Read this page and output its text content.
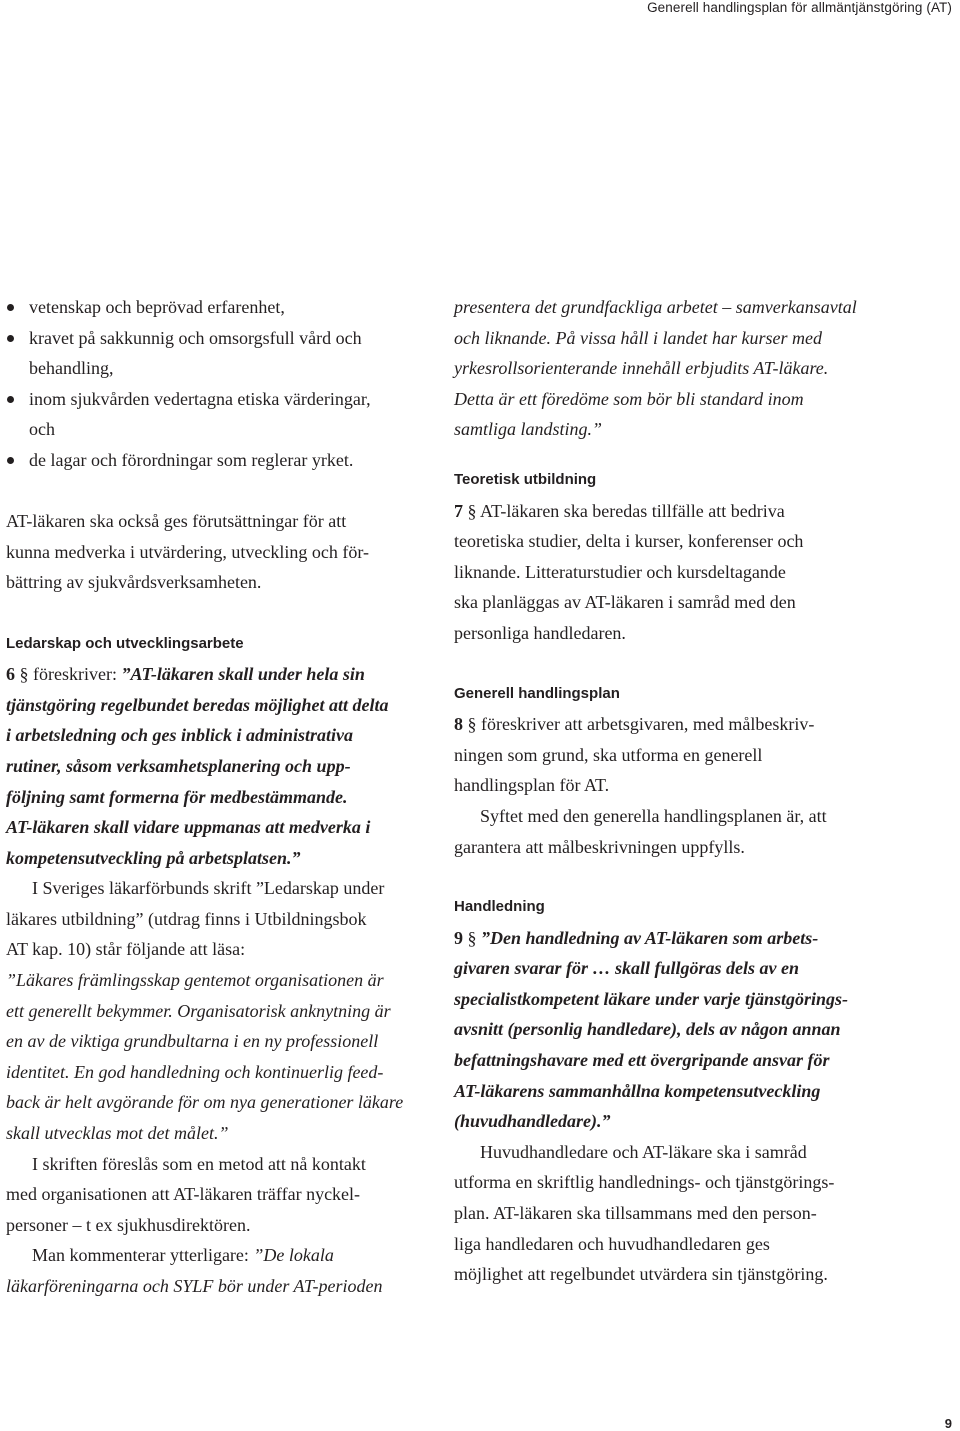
Generell handlingsplan för allmäntjänstgöring (AT)
vetenskap och beprövad erfarenhet,
kravet på sakkunnig och omsorgsfull vård och
behandling,
inom sjukvården vedertagna etiska värderingar,
och
de lagar och förordningar som reglerar yrket.

AT-läkaren ska också ges förutsättningar för att
kunna medverka i utvärdering, utveckling och för-
bättring av sjukvårdsverksamheten.

Ledarskap och utvecklingsarbete

6 § föreskriver: ”AT-läkaren skall under hela sin
tjänstgöring regelbundet beredas möjlighet att delta
i arbetsledning och ges inblick i administrativa
rutiner, såsom verksamhetsplanering och upp-
följning samt formerna för medbestämmande.
AT-läkaren skall vidare uppmanas att medverka i
kompetensutveckling på arbetsplatsen.”

I Sveriges läkarförbunds skrift ”Ledarskap under
läkares utbildning” (utdrag finns i Utbildningsbok
AT kap. 10) står följande att läsa:

”Läkares främlingsskap gentemot organisationen är
ett generellt bekymmer. Organisatorisk anknytning är
en av de viktiga grundbultarna i en ny professionell
identitet. En god handledning och kontinuerlig feed-
back är helt avgörande för om nya generationer läkare
skall utvecklas mot det målet.”

I skriften föreslås som en metod att nå kontakt
med organisationen att AT-läkaren träffar nyckel-
personer – t ex sjukhusdirektören.

Man kommenterar ytterligare: ”De lokala
läkarföreningarna och SYLF bör under AT-perioden

presentera det grundfackliga arbetet – samverkansavtal
och liknande. På vissa håll i landet har kurser med
yrkesrollsorienterande innehåll erbjudits AT-läkare.
Detta är ett föredöme som bör bli standard inom
samtliga landsting.”

Teoretisk utbildning

7 § AT-läkaren ska beredas tillfälle att bedriva
teoretiska studier, delta i kurser, konferenser och
liknande. Litteraturstudier och kursdeltagande
ska planläggas av AT-läkaren i samråd med den
personliga handledaren.

Generell handlingsplan

8 § föreskriver att arbetsgivaren, med målbeskriv-
ningen som grund, ska utforma en generell
handlingsplan för AT.

Syftet med den generella handlingsplanen är, att
garantera att målbeskrivningen uppfylls.

Handledning

9 § ”Den handledning av AT-läkaren som arbets-
givaren svarar för … skall fullgöras dels av en
specialistkompetent läkare under varje tjänstgörings-
avsnitt (personlig handledare), dels av någon annan
befattningshavare med ett övergripande ansvar för
AT-läkarens sammanhållna kompetensutveckling
(huvudhandledare).”

Huvudhandledare och AT-läkare ska i samråd
utforma en skriftlig handlednings- och tjänstgörings-
plan. AT-läkaren ska tillsammans med den person-
liga handledaren och huvudhandledaren ges
möjlighet att regelbundet utvärdera sin tjänstgöring.

9
